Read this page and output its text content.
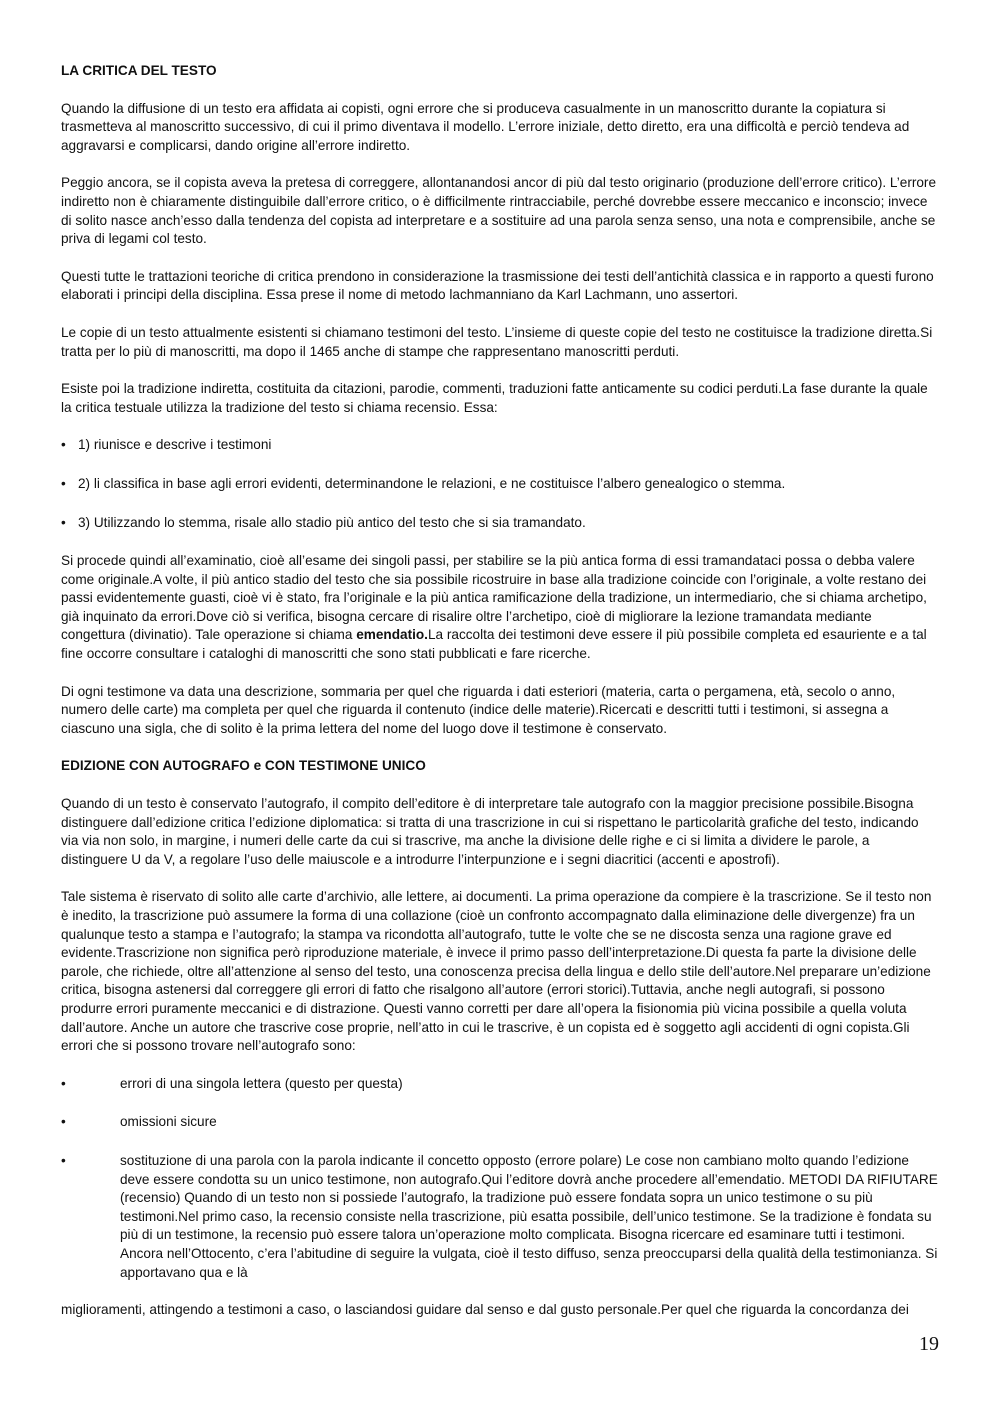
LA CRITICA DEL TESTO

Quando la diffusione di un testo era affidata ai copisti, ogni errore che si produceva casualmente in un manoscritto durante la copiatura si trasmetteva al manoscritto successivo, di cui il primo diventava il modello. L’errore iniziale, detto diretto, era una difficoltà e perciò tendeva ad aggravarsi e complicarsi, dando origine all’errore indiretto.

Peggio ancora, se il copista aveva la pretesa di correggere, allontanandosi ancor di più dal testo originario (produzione dell’errore critico). L’errore indiretto non è chiaramente distinguibile dall’errore critico, o è difficilmente rintracciabile, perché dovrebbe essere meccanico e inconscio; invece di solito nasce anch’esso dalla tendenza del copista ad interpretare e a sostituire ad una parola senza senso, una nota e comprensibile, anche se priva di legami col testo.

Questi tutte le trattazioni teoriche di critica prendono in considerazione la trasmissione dei testi dell’antichità classica e in rapporto a questi furono elaborati i principi della disciplina. Essa prese il nome di metodo lachmanniano da Karl Lachmann, uno assertori.

Le copie di un testo attualmente esistenti si chiamano testimoni del testo. L’insieme di queste copie del testo ne costituisce la tradizione diretta.Si tratta per lo più di manoscritti, ma dopo il 1465 anche di stampe che rappresentano manoscritti perduti.

Esiste poi la tradizione indiretta, costituita da citazioni, parodie, commenti, traduzioni fatte anticamente su codici perduti.La fase durante la quale la critica testuale utilizza la tradizione del testo si chiama recensio. Essa:

• 1) riunisce e descrive i testimoni
• 2) li classifica in base agli errori evidenti, determinandone le relazioni, e ne costituisce l’albero genealogico o stemma.
• 3) Utilizzando lo stemma, risale allo stadio più antico del testo che si sia tramandato.

Si procede quindi all’examinatio, cioè all’esame dei singoli passi, per stabilire se la più antica forma di essi tramandataci possa o debba valere come originale.A volte, il più antico stadio del testo che sia possibile ricostruire in base alla tradizione coincide con l’originale, a volte restano dei passi evidentemente guasti, cioè vi è stato, fra l’originale e la più antica ramificazione della tradizione, un intermediario, che si chiama archetipo, già inquinato da errori.Dove ciò si verifica, bisogna cercare di risalire oltre l’archetipo, cioè di migliorare la lezione tramandata mediante congettura (divinatio). Tale operazione si chiama emendatio.La raccolta dei testimoni deve essere il più possibile completa ed esauriente e a tal fine occorre consultare i cataloghi di manoscritti che sono stati pubblicati e fare ricerche.

Di ogni testimone va data una descrizione, sommaria per quel che riguarda i dati esteriori (materia, carta o pergamena, età, secolo o anno, numero delle carte) ma completa per quel che riguarda il contenuto (indice delle materie).Ricercati e descritti tutti i testimoni, si assegna a ciascuno una sigla, che di solito è la prima lettera del nome del luogo dove il testimone è conservato.

EDIZIONE CON AUTOGRAFO e CON TESTIMONE UNICO

Quando di un testo è conservato l’autografo, il compito dell’editore è di interpretare tale autografo con la maggior precisione possibile.Bisogna distinguere dall’edizione critica l’edizione diplomatica: si tratta di una trascrizione in cui si rispettano le particolarità grafiche del testo, indicando via via non solo, in margine, i numeri delle carte da cui si trascrive, ma anche la divisione delle righe e ci si limita a dividere le parole, a distinguere U da V, a regolare l’uso delle maiuscole e a introdurre l’interpunzione e i segni diacritici (accenti e apostrofi).

Tale sistema è riservato di solito alle carte d’archivio, alle lettere, ai documenti. La prima operazione da compiere è la trascrizione. Se il testo non è inedito, la trascrizione può assumere la forma di una collazione (cioè un confronto accompagnato dalla eliminazione delle divergenze) fra un qualunque testo a stampa e l’autografo; la stampa va ricondotta all’autografo, tutte le volte che se ne discosta senza una ragione grave ed evidente.Trascrizione non significa però riproduzione materiale, è invece il primo passo dell’interpretazione.Di questa fa parte la divisione delle parole, che richiede, oltre all’attenzione al senso del testo, una conoscenza precisa della lingua e dello stile dell’autore.Nel preparare un’edizione critica, bisogna astenersi dal correggere gli errori di fatto che risalgono all’autore (errori storici).Tuttavia, anche negli autografi, si possono produrre errori puramente meccanici e di distrazione. Questi vanno corretti per dare all’opera la fisionomia più vicina possibile a quella voluta dall’autore. Anche un autore che trascrive cose proprie, nell’atto in cui le trascrive, è un copista ed è soggetto agli accidenti di ogni copista.Gli errori che si possono trovare nell’autografo sono:

• errori di una singola lettera (questo per questa)
• omissioni sicure
• sostituzione di una parola con la parola indicante il concetto opposto (errore polare) Le cose non cambiano molto quando l’edizione deve essere condotta su un unico testimone, non autografo.Qui l’editore dovrà anche procedere all’emendatio. METODI DA RIFIUTARE (recensio) Quando di un testo non si possiede l’autografo, la tradizione può essere fondata sopra un unico testimone o su più testimoni.Nel primo caso, la recensio consiste nella trascrizione, più esatta possibile, dell’unico testimone. Se la tradizione è fondata su più di un testimone, la recensio può essere talora un’operazione molto complicata. Bisogna ricercare ed esaminare tutti i testimoni. Ancora nell’Ottocento, c’era l’abitudine di seguire la vulgata, cioè il testo diffuso, senza preoccuparsi della qualità della testimonianza. Si apportavano qua e là

miglioramenti, attingendo a testimoni a caso, o lasciandosi guidare dal senso e dal gusto personale.Per quel che riguarda la concordanza dei

19
